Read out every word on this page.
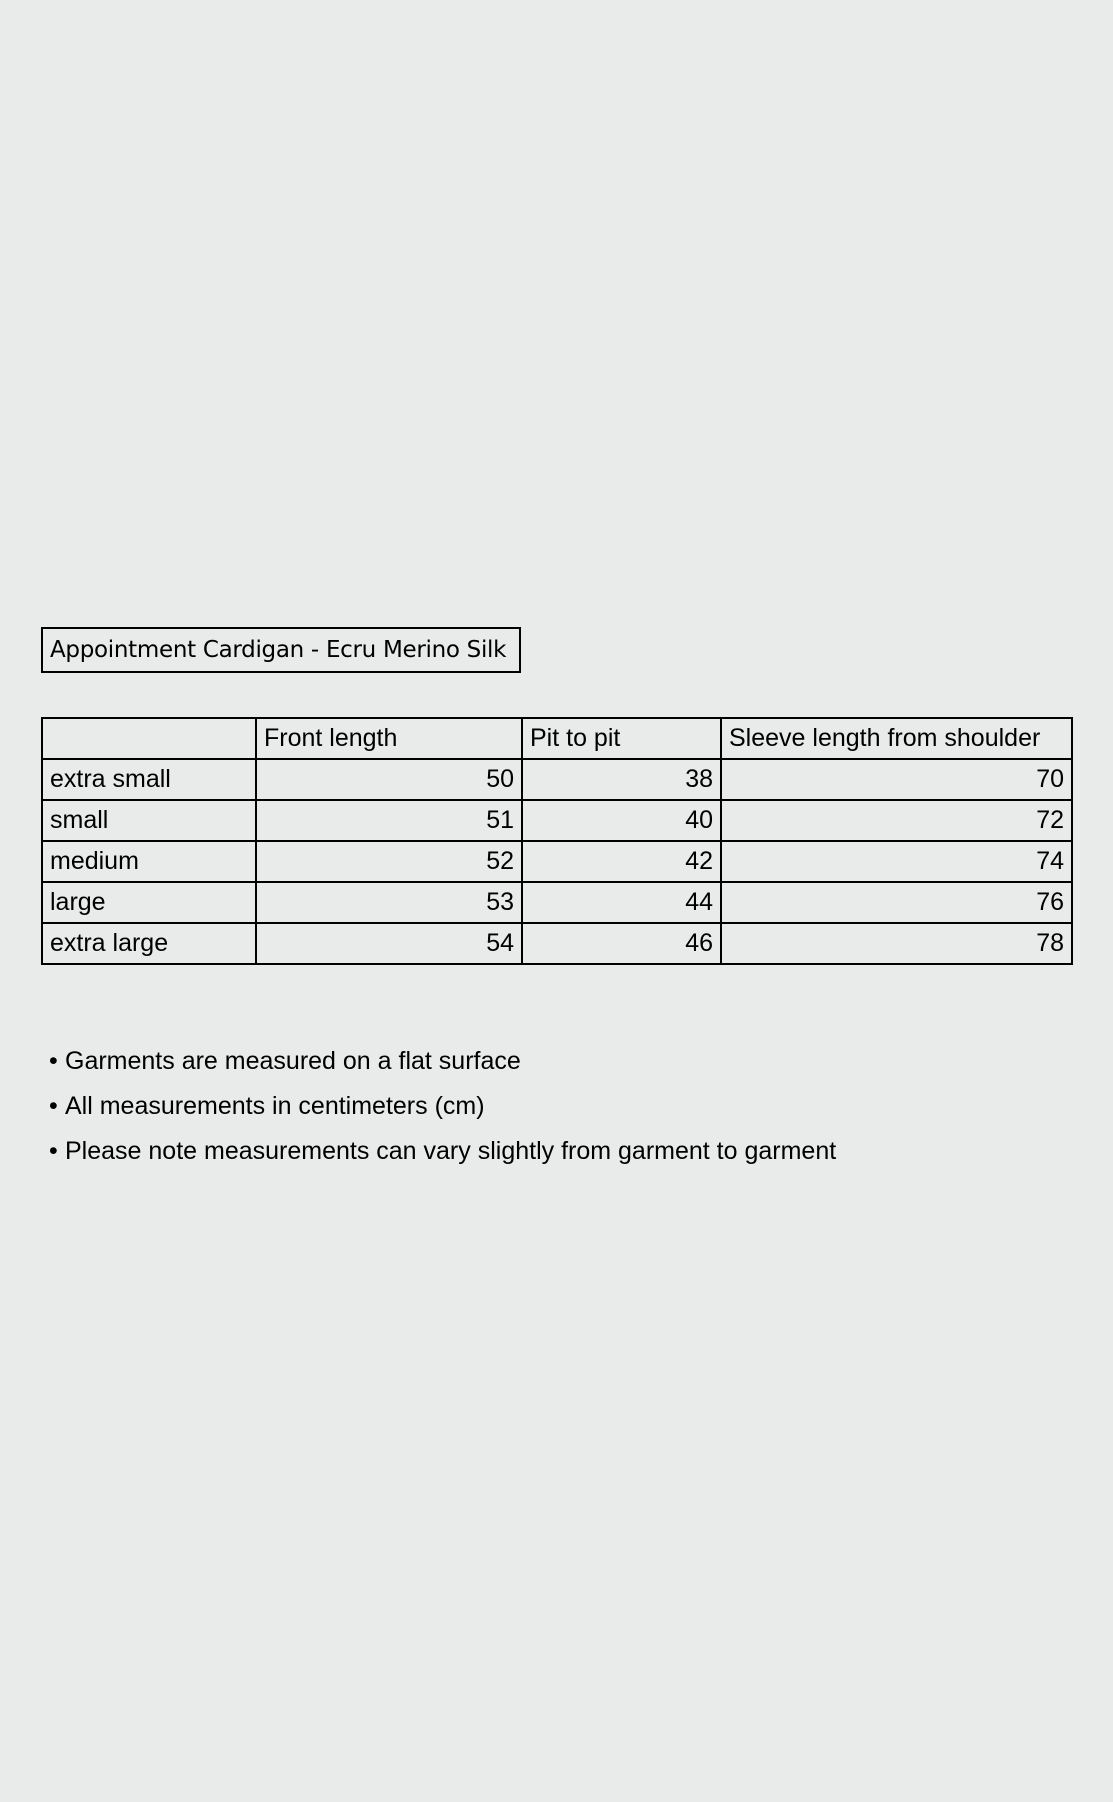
Appointment Cardigan - Ecru Merino Silk
	Front length	Pit to pit	Sleeve length from shoulder
extra small	50	38	70
small	51	40	72
medium	52	42	74
large	53	44	76
extra large	54	46	78
• Garments are measured on a flat surface
• All measurements in centimeters (cm)
• Please note measurements can vary slightly from garment to garment
